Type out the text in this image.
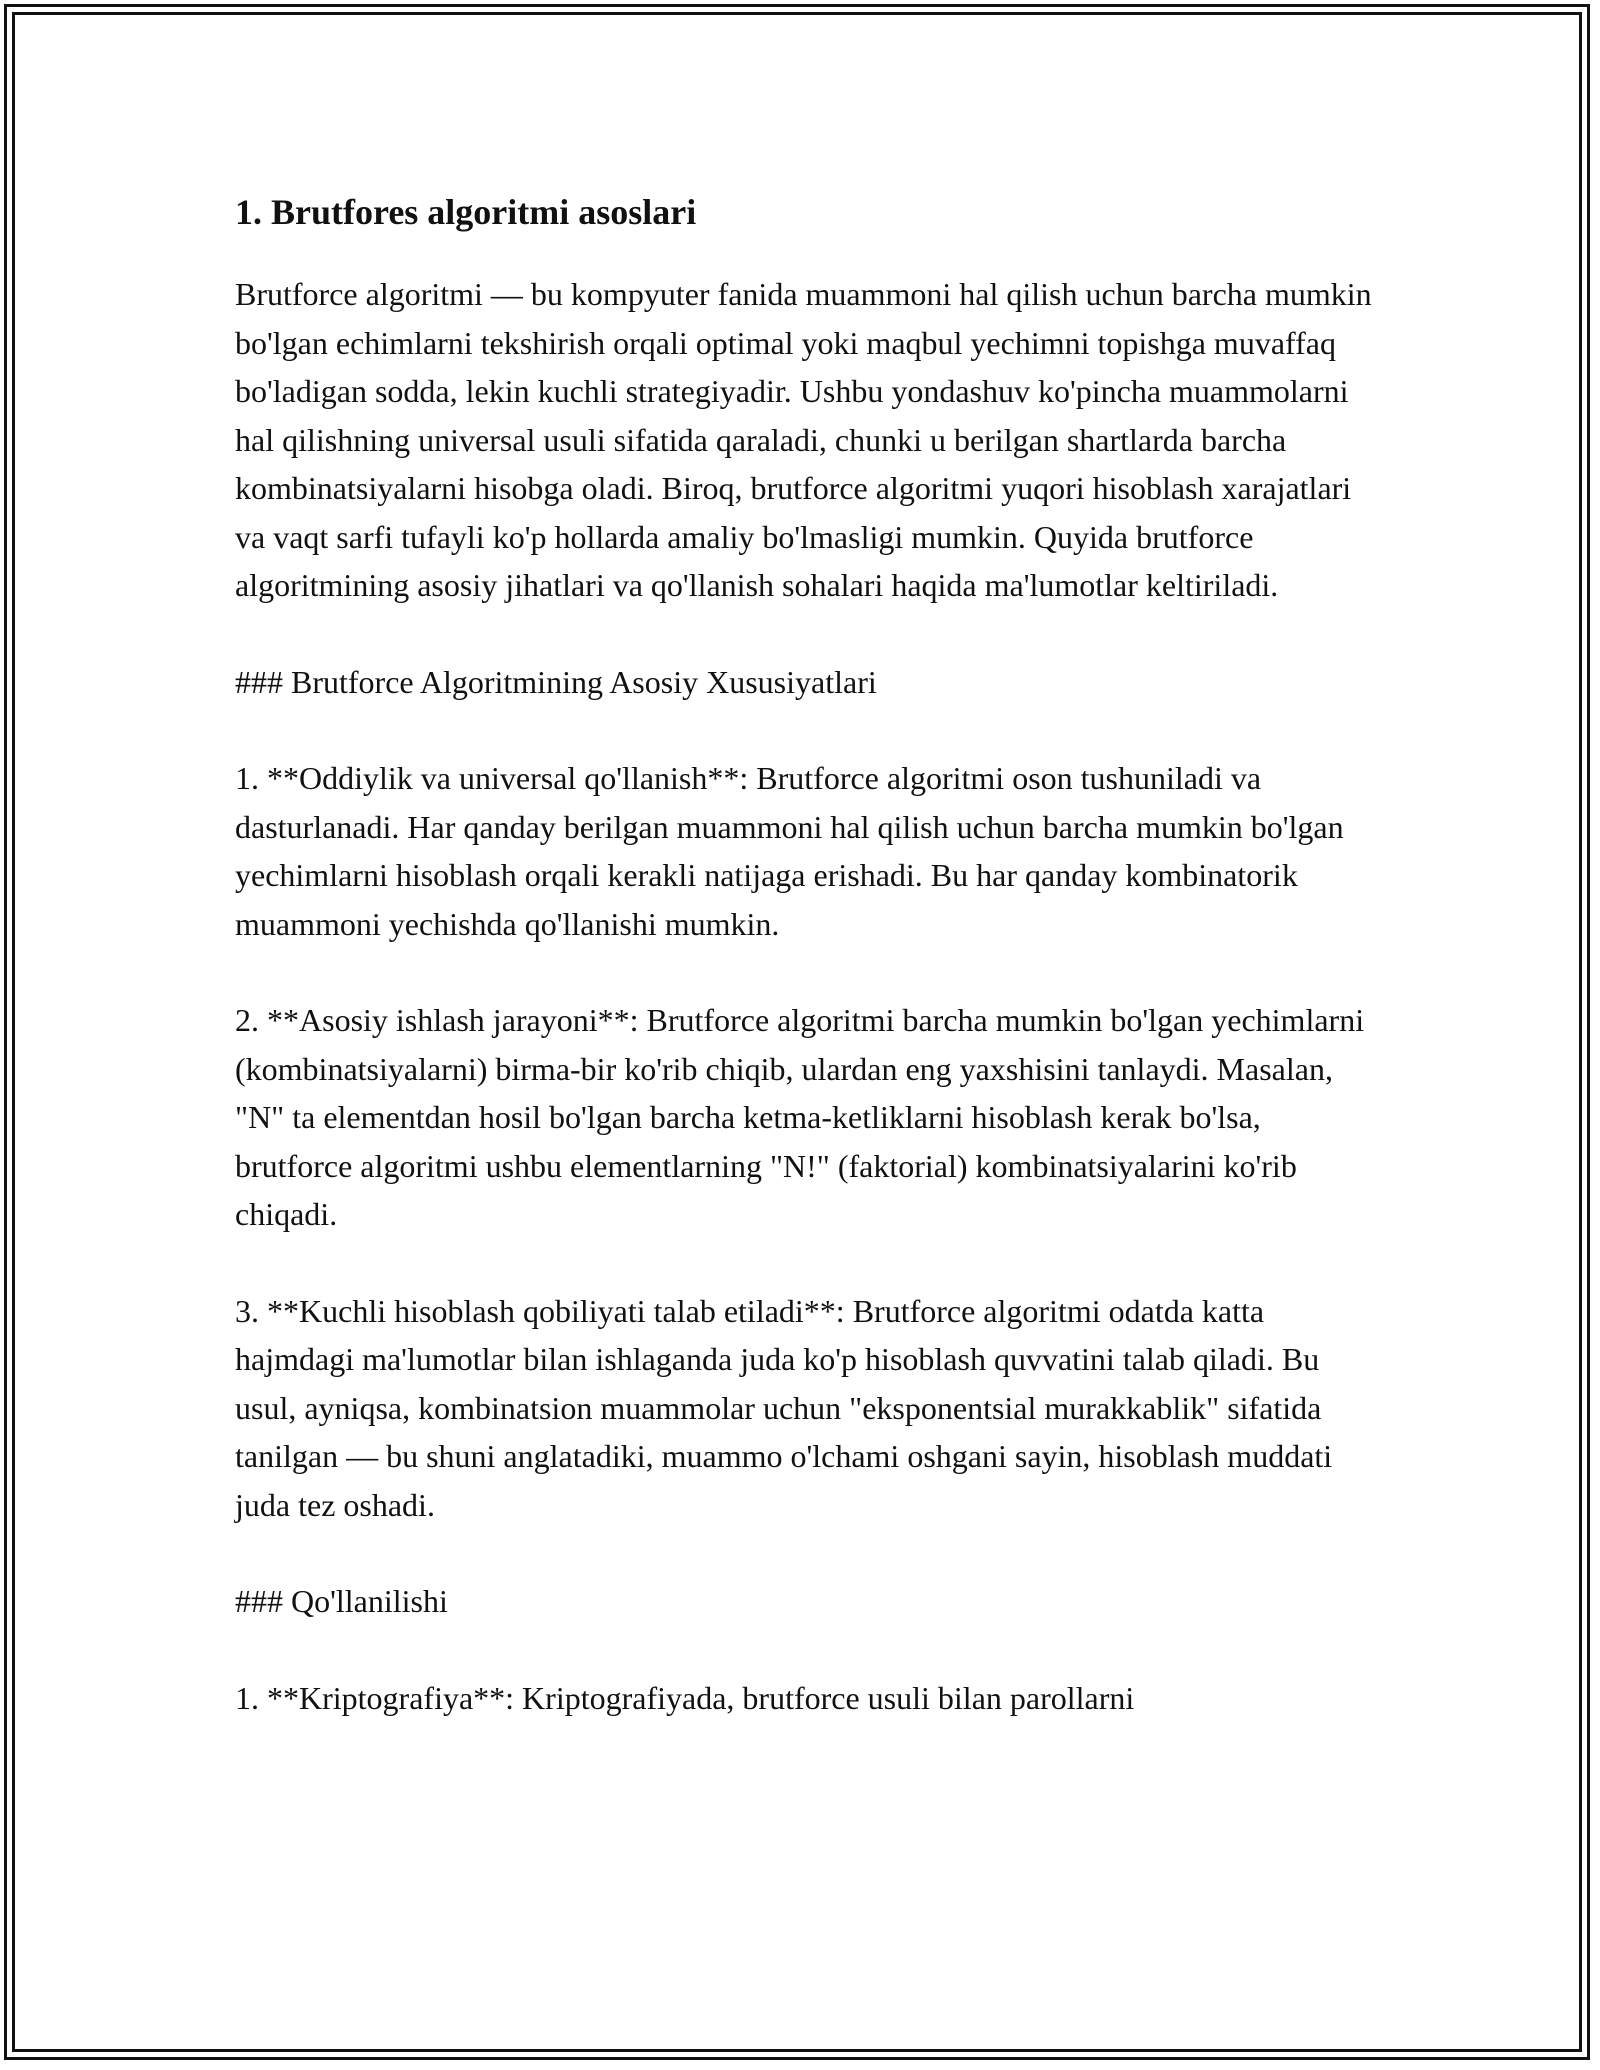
1. Brutfores algoritmi asoslari

Brutforce algoritmi — bu kompyuter fanida muammoni hal qilish uchun barcha mumkin bo'lgan echimlarni tekshirish orqali optimal yoki maqbul yechimni topishga muvaffaq bo'ladigan sodda, lekin kuchli strategiyadir. Ushbu yondashuv ko'pincha muammolarni hal qilishning universal usuli sifatida qaraladi, chunki u berilgan shartlarda barcha kombinatsiyalarni hisobga oladi. Biroq, brutforce algoritmi yuqori hisoblash xarajatlari va vaqt sarfi tufayli ko'p hollarda amaliy bo'lmasligi mumkin. Quyida brutforce algoritmining asosiy jihatlari va qo'llanish sohalari haqida ma'lumotlar keltiriladi.

### Brutforce Algoritmining Asosiy Xususiyatlari

1. **Oddiylik va universal qo'llanish**: Brutforce algoritmi oson tushuniladi va dasturlanadi. Har qanday berilgan muammoni hal qilish uchun barcha mumkin bo'lgan yechimlarni hisoblash orqali kerakli natijaga erishadi. Bu har qanday kombinatorik muammoni yechishda qo'llanishi mumkin.

2. **Asosiy ishlash jarayoni**: Brutforce algoritmi barcha mumkin bo'lgan yechimlarni (kombinatsiyalarni) birma-bir ko'rib chiqib, ulardan eng yaxshisini tanlaydi. Masalan, "N" ta elementdan hosil bo'lgan barcha ketma-ketliklarni hisoblash kerak bo'lsa, brutforce algoritmi ushbu elementlarning "N!" (faktorial) kombinatsiyalarini ko'rib chiqadi.

3. **Kuchli hisoblash qobiliyati talab etiladi**: Brutforce algoritmi odatda katta hajmdagi ma'lumotlar bilan ishlaganda juda ko'p hisoblash quvvatini talab qiladi. Bu usul, ayniqsa, kombinatsion muammolar uchun "eksponentsial murakkablik" sifatida tanilgan — bu shuni anglatadiki, muammo o'lchami oshgani sayin, hisoblash muddati juda tez oshadi.

### Qo'llanilishi

1. **Kriptografiya**: Kriptografiyada, brutforce usuli bilan parollarni
